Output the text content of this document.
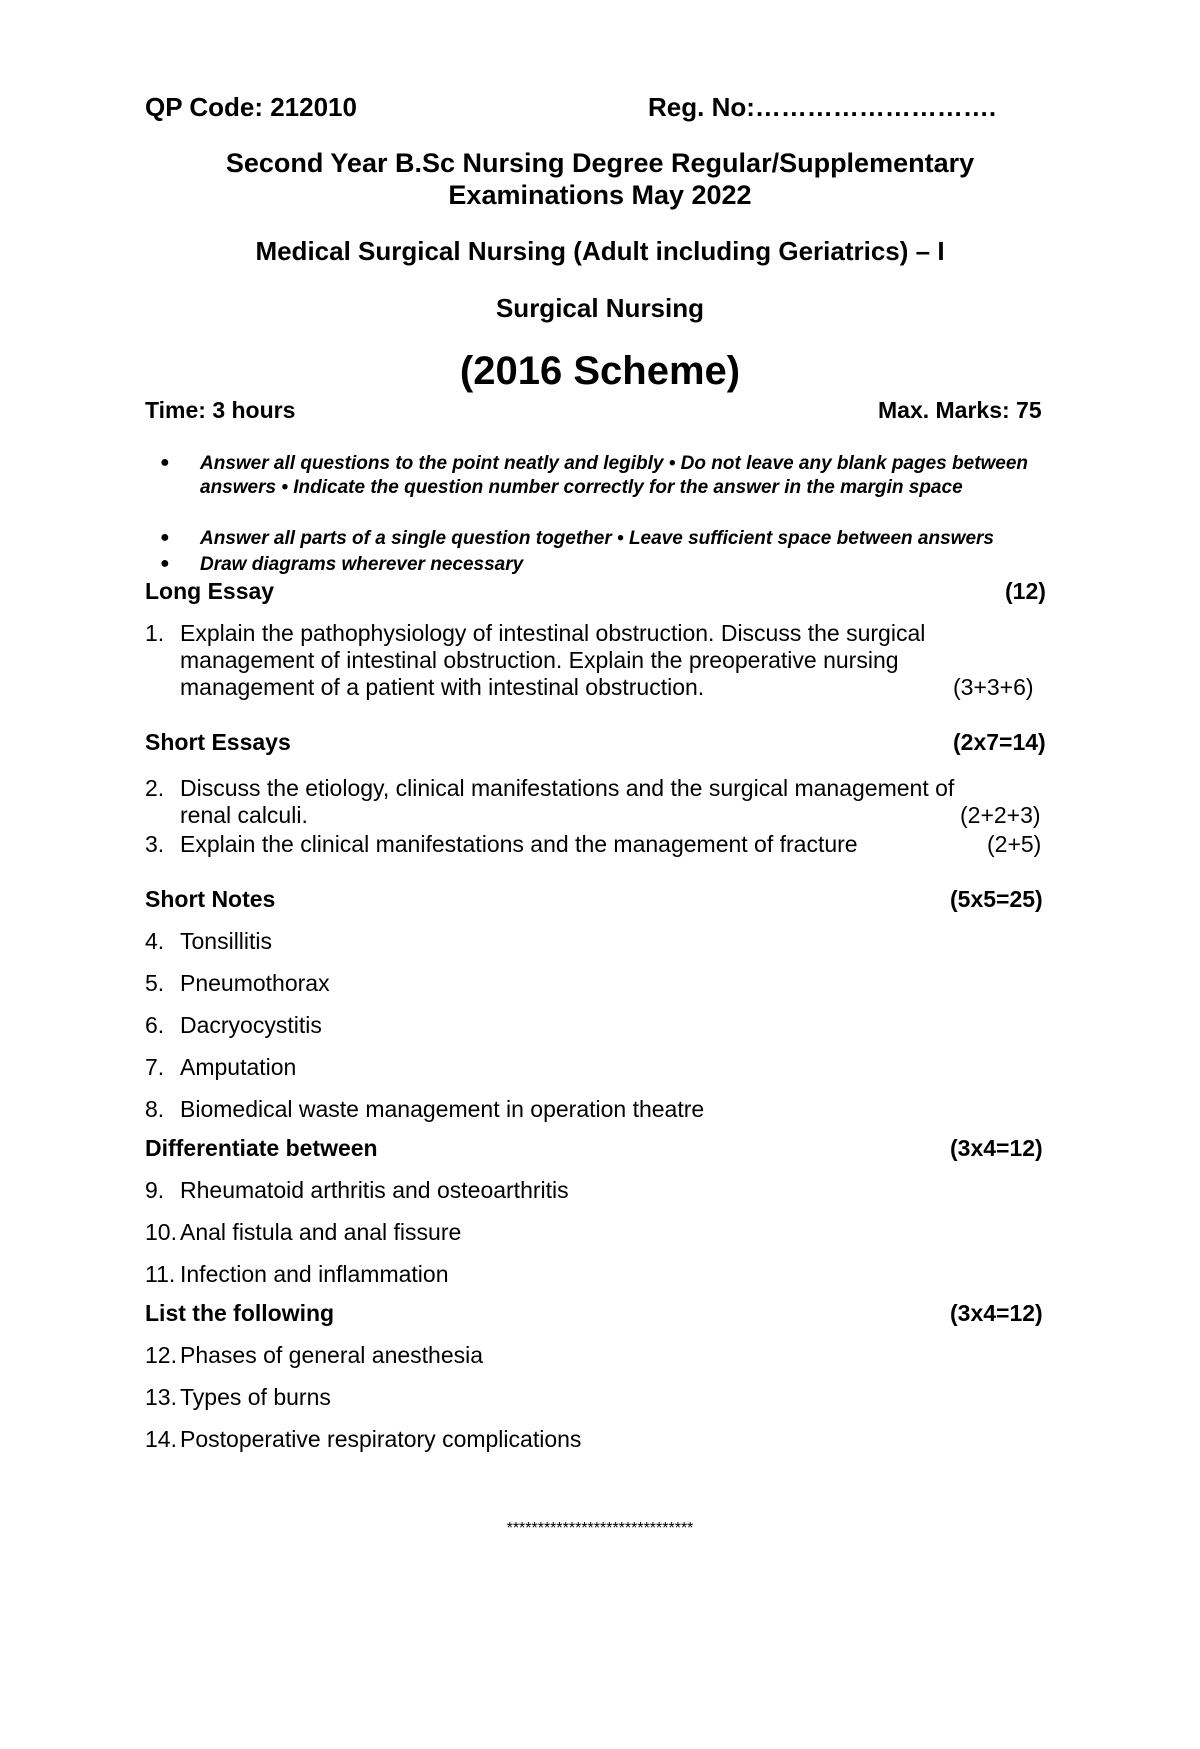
QP Code: 212010	Reg. No:……………………….
Second Year B.Sc Nursing Degree Regular/Supplementary
Examinations May 2022
Medical Surgical Nursing (Adult including Geriatrics) – I
Surgical Nursing
(2016 Scheme)
Time: 3 hours	Max. Marks: 75
● Answer all questions to the point neatly and legibly • Do not leave any blank pages between answers • Indicate the question number correctly for the answer in the margin space
● Answer all parts of a single question together • Leave sufficient space between answers
● Draw diagrams wherever necessary
Long Essay	(12)
1. Explain the pathophysiology of intestinal obstruction. Discuss the surgical
management of intestinal obstruction. Explain the preoperative nursing
management of a patient with intestinal obstruction.	(3+3+6)
Short Essays	(2x7=14)
2. Discuss the etiology, clinical manifestations and the surgical management of
renal calculi.	(2+2+3)
3. Explain the clinical manifestations and the management of fracture	(2+5)
Short Notes	(5x5=25)
4. Tonsillitis
5. Pneumothorax
6. Dacryocystitis
7. Amputation
8. Biomedical waste management in operation theatre
Differentiate between	(3x4=12)
9. Rheumatoid arthritis and osteoarthritis
10. Anal fistula and anal fissure
11. Infection and inflammation
List the following	(3x4=12)
12. Phases of general anesthesia
13. Types of burns
14. Postoperative respiratory complications
******************************
